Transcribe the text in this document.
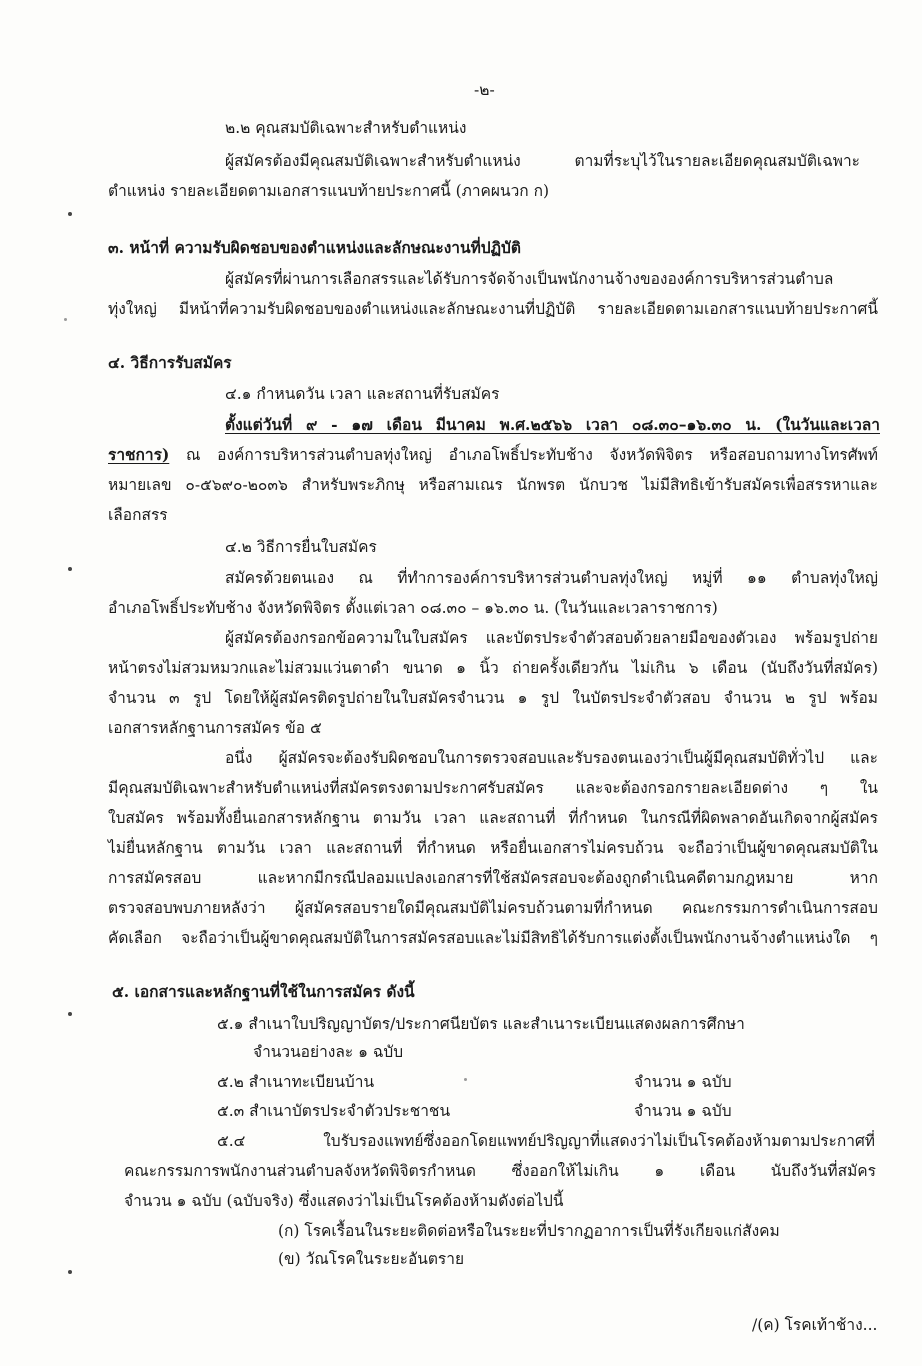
-๒-
๒.๒ คุณสมบัติเฉพาะสำหรับตำแหน่ง
ผู้สมัครต้องมีคุณสมบัติเฉพาะสำหรับตำแหน่ง ตามที่ระบุไว้ในรายละเอียดคุณสมบัติเฉพาะ
ตำแหน่ง รายละเอียดตามเอกสารแนบท้ายประกาศนี้ (ภาคผนวก ก)
๓. หน้าที่ ความรับผิดชอบของตำแหน่งและลักษณะงานที่ปฏิบัติ
ผู้สมัครที่ผ่านการเลือกสรรและได้รับการจัดจ้างเป็นพนักงานจ้างขององค์การบริหารส่วนตำบล
ทุ่งใหญ่ มีหน้าที่ความรับผิดชอบของตำแหน่งและลักษณะงานที่ปฏิบัติ รายละเอียดตามเอกสารแนบท้ายประกาศนี้
๔. วิธีการรับสมัคร
๔.๑ กำหนดวัน เวลา และสถานที่รับสมัคร
ตั้งแต่วันที่ ๙ - ๑๗ เดือน มีนาคม พ.ศ.๒๕๖๖ เวลา ๐๘.๓๐–๑๖.๓๐ น. (ในวันและเวลา
ราชการ) ณ องค์การบริหารส่วนตำบลทุ่งใหญ่ อำเภอโพธิ์ประทับช้าง จังหวัดพิจิตร หรือสอบถามทางโทรศัพท์
หมายเลข ๐-๕๖๙๐-๒๐๓๖ สำหรับพระภิกษุ หรือสามเณร นักพรต นักบวช ไม่มีสิทธิเข้ารับสมัครเพื่อสรรหาและ
เลือกสรร
๔.๒ วิธีการยื่นใบสมัคร
สมัครด้วยตนเอง ณ ที่ทำการองค์การบริหารส่วนตำบลทุ่งใหญ่ หมู่ที่ ๑๑ ตำบลทุ่งใหญ่
อำเภอโพธิ์ประทับช้าง จังหวัดพิจิตร ตั้งแต่เวลา ๐๘.๓๐ – ๑๖.๓๐ น. (ในวันและเวลาราชการ)
ผู้สมัครต้องกรอกข้อความในใบสมัคร และบัตรประจำตัวสอบด้วยลายมือของตัวเอง พร้อมรูปถ่าย
หน้าตรงไม่สวมหมวกและไม่สวมแว่นตาดำ ขนาด ๑ นิ้ว ถ่ายครั้งเดียวกัน ไม่เกิน ๖ เดือน (นับถึงวันที่สมัคร)
จำนวน ๓ รูป โดยให้ผู้สมัครติดรูปถ่ายในใบสมัครจำนวน ๑ รูป ในบัตรประจำตัวสอบ จำนวน ๒ รูป พร้อม
เอกสารหลักฐานการสมัคร ข้อ ๕
อนึ่ง ผู้สมัครจะต้องรับผิดชอบในการตรวจสอบและรับรองตนเองว่าเป็นผู้มีคุณสมบัติทั่วไป และ
มีคุณสมบัติเฉพาะสำหรับตำแหน่งที่สมัครตรงตามประกาศรับสมัคร และจะต้องกรอกรายละเอียดต่าง ๆ ใน
ใบสมัคร พร้อมทั้งยื่นเอกสารหลักฐาน ตามวัน เวลา และสถานที่ ที่กำหนด ในกรณีที่ผิดพลาดอันเกิดจากผู้สมัคร
ไม่ยื่นหลักฐาน ตามวัน เวลา และสถานที่ ที่กำหนด หรือยื่นเอกสารไม่ครบถ้วน จะถือว่าเป็นผู้ขาดคุณสมบัติใน
การสมัครสอบ และหากมีกรณีปลอมแปลงเอกสารที่ใช้สมัครสอบจะต้องถูกดำเนินคดีตามกฎหมาย หาก
ตรวจสอบพบภายหลังว่า ผู้สมัครสอบรายใดมีคุณสมบัติไม่ครบถ้วนตามที่กำหนด คณะกรรมการดำเนินการสอบ
คัดเลือก จะถือว่าเป็นผู้ขาดคุณสมบัติในการสมัครสอบและไม่มีสิทธิได้รับการแต่งตั้งเป็นพนักงานจ้างตำแหน่งใด ๆ
๕. เอกสารและหลักฐานที่ใช้ในการสมัคร ดังนี้
๕.๑ สำเนาใบปริญญาบัตร/ประกาศนียบัตร และสำเนาระเบียนแสดงผลการศึกษา
จำนวนอย่างละ ๑ ฉบับ
๕.๒ สำเนาทะเบียนบ้าน	จำนวน ๑ ฉบับ
๕.๓ สำเนาบัตรประจำตัวประชาชน	จำนวน ๑ ฉบับ
๕.๔ ใบรับรองแพทย์ซึ่งออกโดยแพทย์ปริญญาที่แสดงว่าไม่เป็นโรคต้องห้ามตามประกาศที่
คณะกรรมการพนักงานส่วนตำบลจังหวัดพิจิตรกำหนด ซึ่งออกให้ไม่เกิน ๑ เดือน นับถึงวันที่สมัคร
จำนวน ๑ ฉบับ (ฉบับจริง) ซึ่งแสดงว่าไม่เป็นโรคต้องห้ามดังต่อไปนี้
(ก) โรคเรื้อนในระยะติดต่อหรือในระยะที่ปรากฏอาการเป็นที่รังเกียจแก่สังคม
(ข) วัณโรคในระยะอันตราย
/(ค) โรคเท้าช้าง...
